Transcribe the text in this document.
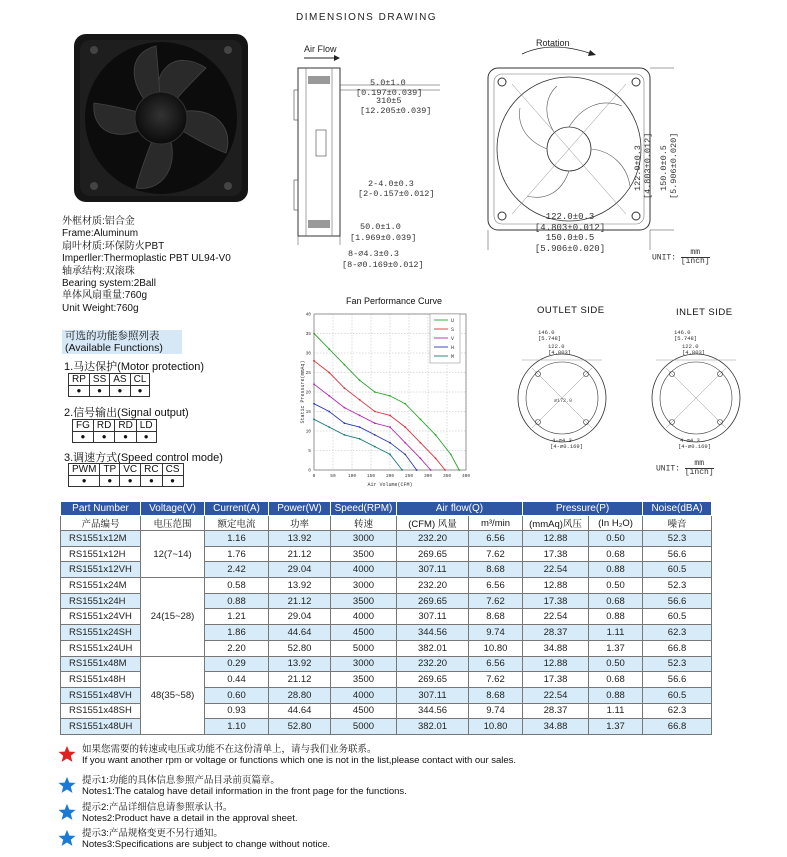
DIMENSIONS DRAWING
外框材质:铝合金
Frame:Aluminum
扇叶材质:环保防火PBT
Imperller:Thermoplastic PBT UL94-V0
轴承结构:双滚珠
Bearing system:2Ball
单体风扇重量:760g
Unit Weight:760g
可选的功能参照列表
(Available Functions)
1.马达保护(Motor protection)
RP	SS	AS	CL
●	●	●	●
2.信号输出(Signal output)
FG	RD	RD	LD
●	●	●	●
3.调速方式(Speed control mode)
PWM	TP	VC	RC	CS
●	●	●	●	●
Air Flow
5.0±1.0
[0.197±0.039]
310±5
[12.205±0.039]
2-4.0±0.3
[2-0.157±0.012]
50.0±1.0
[1.969±0.039]
8-⌀4.3±0.3
[8-⌀0.169±0.012]
Rotation
122.0±0.3 [4.803±0.012] 150.0±0.5 [5.906±0.020]
122.0±0.3
[4.803±0.012]
150.0±0.5
[5.906±0.020]
UNIT:
mm
[inch]
UNIT:
mm
[inch]
OUTLET SIDE	INLET SIDE
146.0
[5.748]
122.0
[4.803]
⌀172.0
4-⌀4.3
[4-⌀0.169]
146.0
[5.748]
122.0
[4.803]
4-⌀4.3
[4-⌀0.169]
Fan Performance Curve
0	50	100 150 200 250 300 350 400
0
5
10
15
20
25
30
35
40
U
S
V
H
M
Air Volume(CFM)
Static Pressure(mmAq)
Part Number	Voltage(V)	Current(A)	Power(W)	Speed(RPM)	Air flow(Q)		Pressure(P)		Noise(dBA)
产品编号	电压范围	额定电流	功率	转速	(CFM) 风量	m³/min	(mmAq)风压	(In H₂O)	噪音
RS1551x12M	12(7~14)	1.16	13.92	3000	232.20	6.56	12.88	0.50	52.3
RS1551x12H		1.76	21.12	3500	269.65	7.62	17.38	0.68	56.6
RS1551x12VH		2.42	29.04	4000	307.11	8.68	22.54	0.88	60.5
RS1551x24M	24(15~28)	0.58	13.92	3000	232.20	6.56	12.88	0.50	52.3
RS1551x24H		0.88	21.12	3500	269.65	7.62	17.38	0.68	56.6
RS1551x24VH		1.21	29.04	4000	307.11	8.68	22.54	0.88	60.5
RS1551x24SH		1.86	44.64	4500	344.56	9.74	28.37	1.11	62.3
RS1551x24UH		2.20	52.80	5000	382.01	10.80	34.88	1.37	66.8
RS1551x48M	48(35~58)	0.29	13.92	3000	232.20	6.56	12.88	0.50	52.3
RS1551x48H		0.44	21.12	3500	269.65	7.62	17.38	0.68	56.6
RS1551x48VH		0.60	28.80	4000	307.11	8.68	22.54	0.88	60.5
RS1551x48SH		0.93	44.64	4500	344.56	9.74	28.37	1.11	62.3
RS1551x48UH		1.10	52.80	5000	382.01	10.80	34.88	1.37	66.8
如果您需要的转速或电压或功能不在这份清单上，请与我们业务联系。
If you want another rpm or voltage or functions which one is not in the list,please contact with our sales.
提示1:功能的具体信息参照产品目录前页篇章。
Notes1:The catalog have detail information in the front page for the functions.
提示2:产品详细信息请参照承认书。
Notes2:Product have a detail in the approval sheet.
提示3:产品规格变更不另行通知。
Notes3:Specifications are subject to change without notice.
